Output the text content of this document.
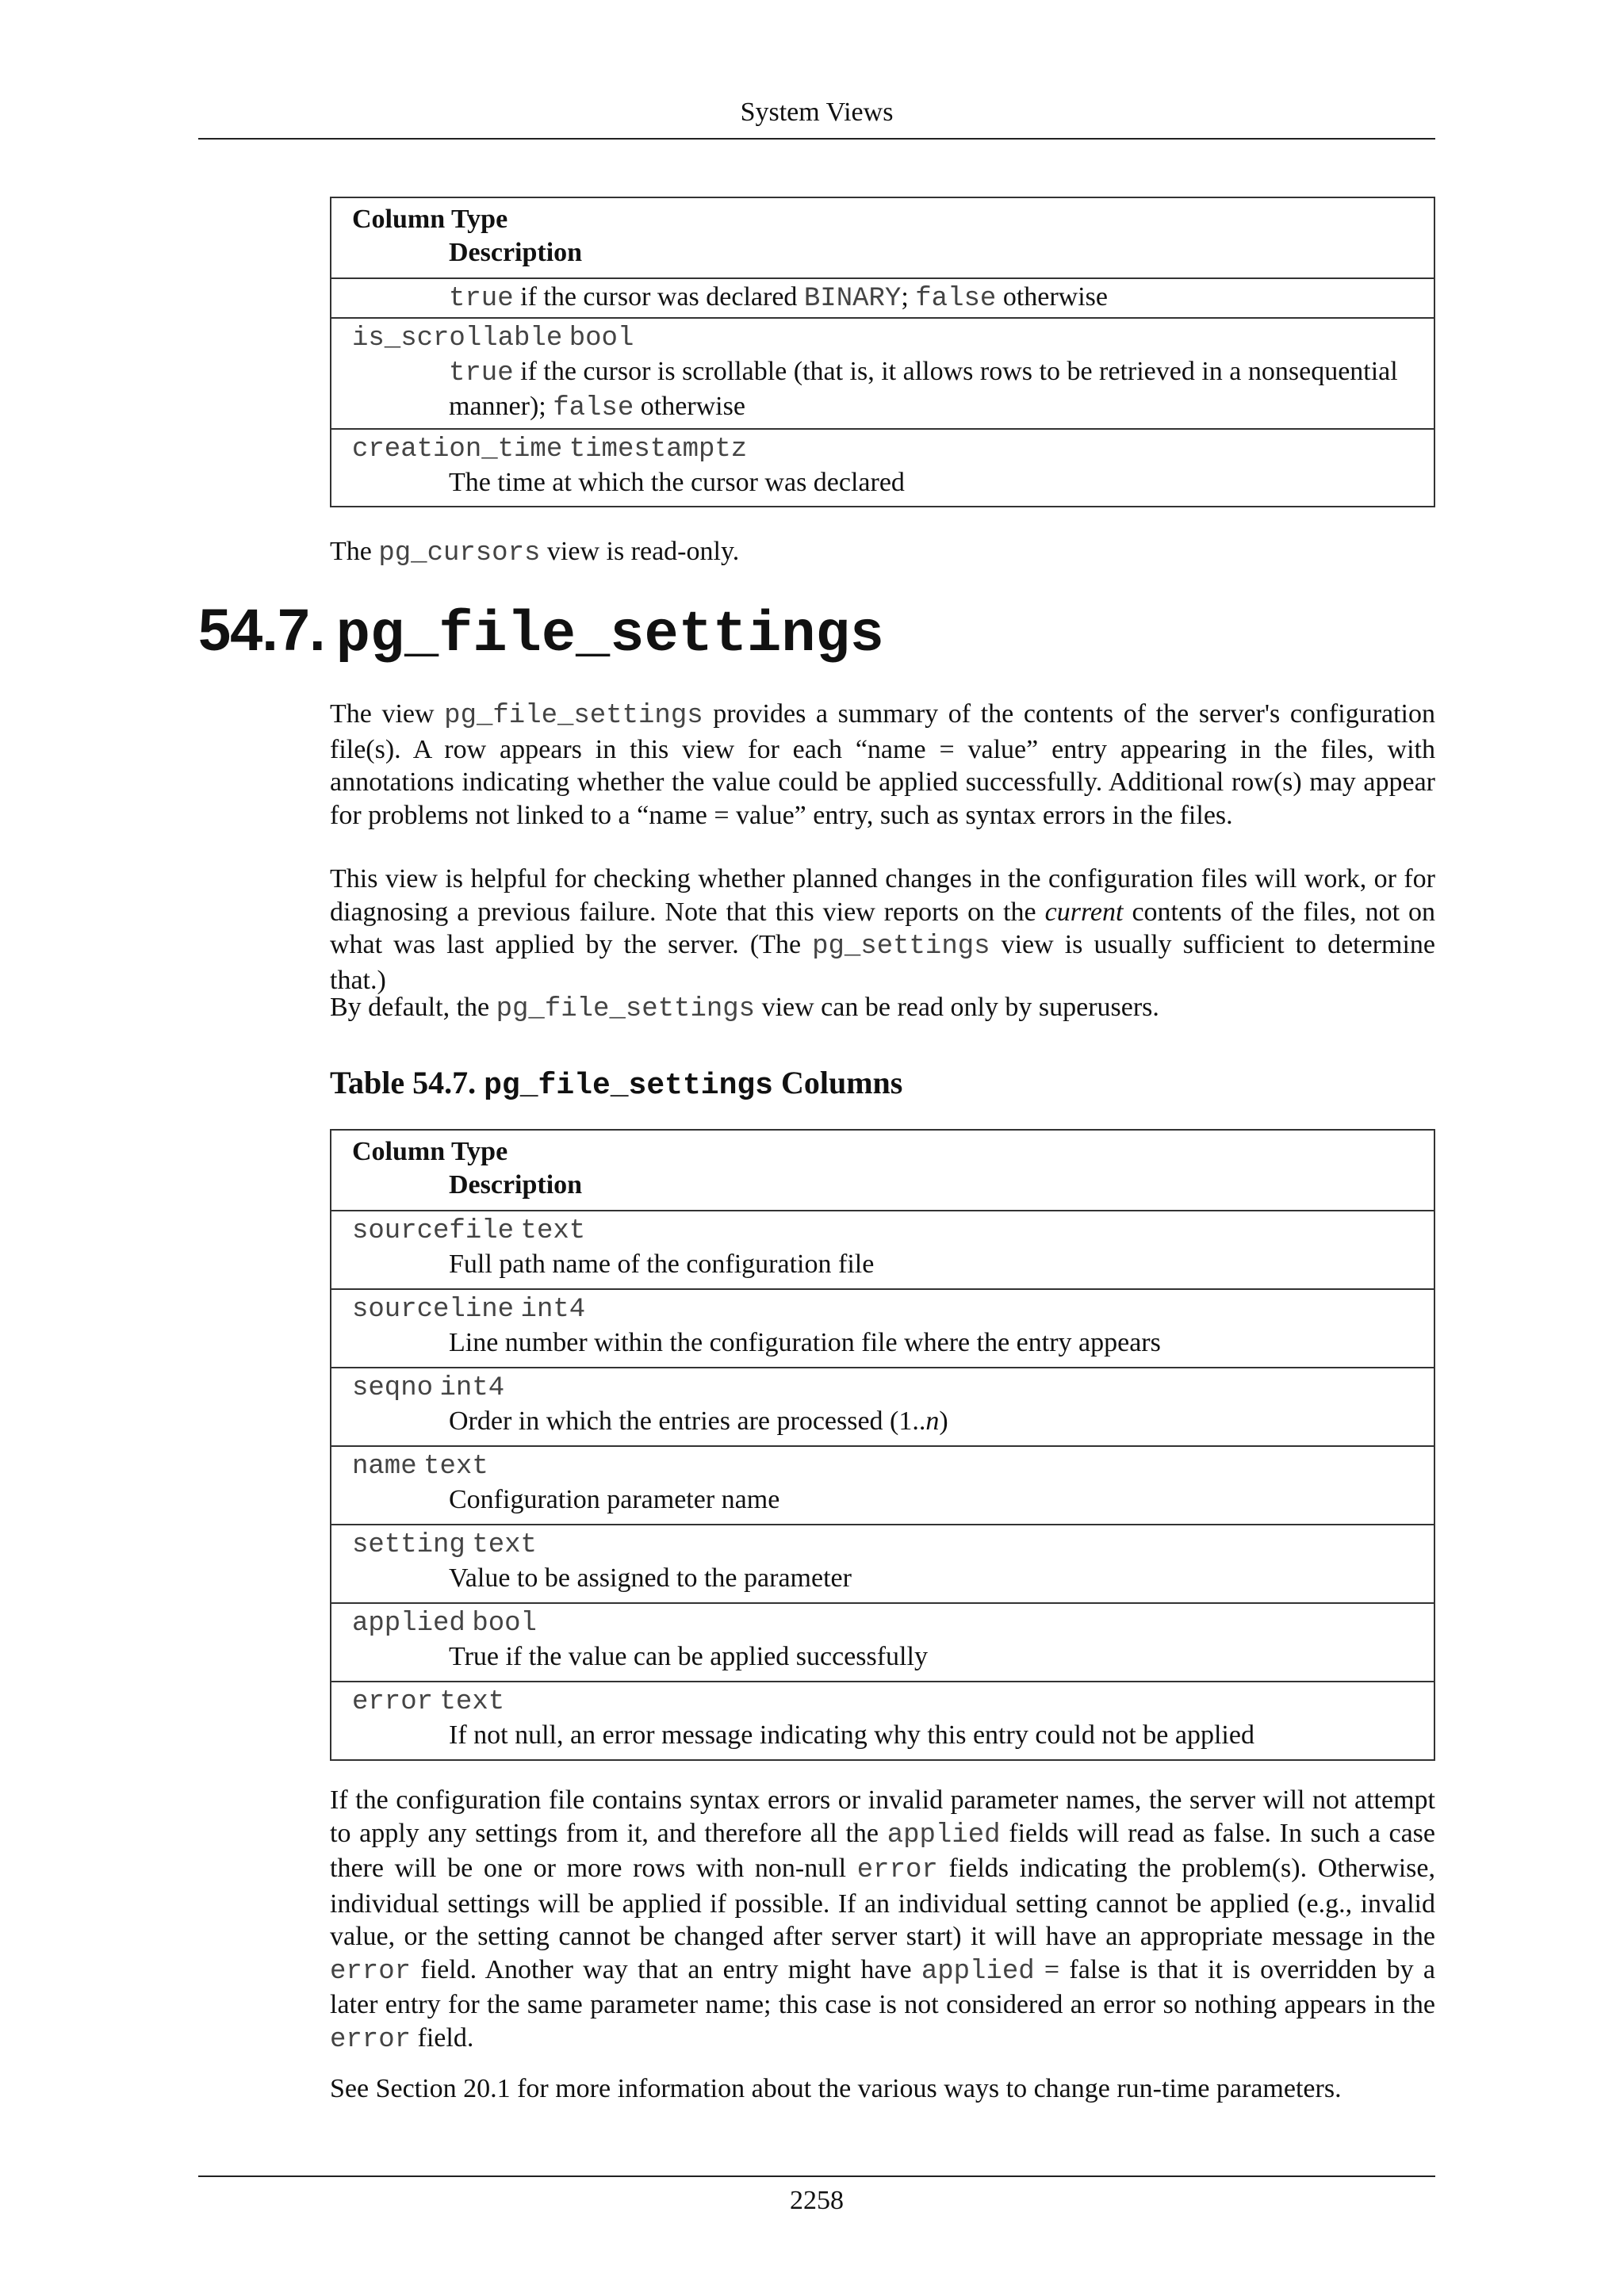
System Views
Column Type
Description
true if the cursor was declared BINARY; false otherwise
is_scrollable bool
true if the cursor is scrollable (that is, it allows rows to be retrieved in a nonsequential manner); false otherwise
creation_time timestamptz
The time at which the cursor was declared
The pg_cursors view is read-only.
54.7. pg_file_settings
The view pg_file_settings provides a summary of the contents of the server's configuration file(s). A row appears in this view for each “name = value” entry appearing in the files, with annotations indicating whether the value could be applied successfully. Additional row(s) may appear for problems not linked to a “name = value” entry, such as syntax errors in the files.
This view is helpful for checking whether planned changes in the configuration files will work, or for diagnosing a previous failure. Note that this view reports on the current contents of the files, not on what was last applied by the server. (The pg_settings view is usually sufficient to determine that.)
By default, the pg_file_settings view can be read only by superusers.
Table 54.7. pg_file_settings Columns
Column Type
Description
sourcefile text
Full path name of the configuration file
sourceline int4
Line number within the configuration file where the entry appears
seqno int4
Order in which the entries are processed (1..n)
name text
Configuration parameter name
setting text
Value to be assigned to the parameter
applied bool
True if the value can be applied successfully
error text
If not null, an error message indicating why this entry could not be applied
If the configuration file contains syntax errors or invalid parameter names, the server will not attempt to apply any settings from it, and therefore all the applied fields will read as false. In such a case there will be one or more rows with non-null error fields indicating the problem(s). Otherwise, individual settings will be applied if possible. If an individual setting cannot be applied (e.g., invalid value, or the setting cannot be changed after server start) it will have an appropriate message in the error field. Another way that an entry might have applied = false is that it is overridden by a later entry for the same parameter name; this case is not considered an error so nothing appears in the error field.
See Section 20.1 for more information about the various ways to change run-time parameters.
2258
